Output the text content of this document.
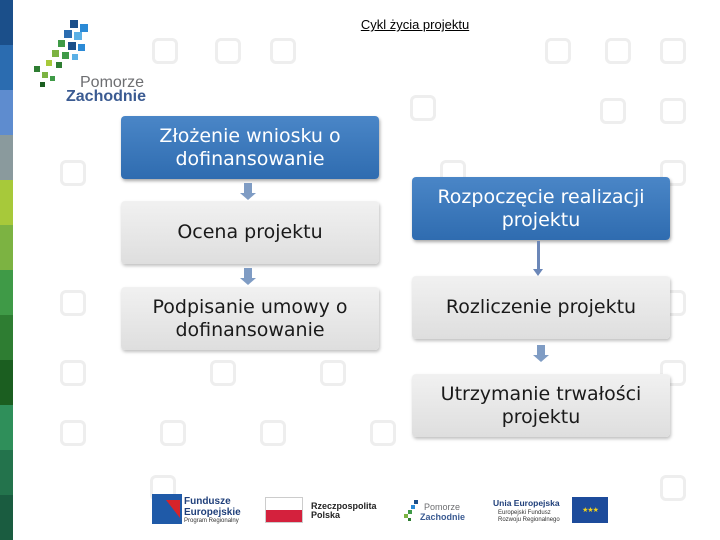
Cykl życia projektu
Pomorze
Zachodnie
Złożenie wniosku o dofinansowanie
Ocena projektu
Podpisanie umowy o dofinansowanie
Rozpoczęcie realizacji projektu
Rozliczenie projektu
Utrzymanie trwałości projektu
Fundusze
Europejskie
Program Regionalny
Rzeczpospolita
Polska
Pomorze
Zachodnie
Unia Europejska
Europejski Fundusz
Rozwoju Regionalnego
★★★
